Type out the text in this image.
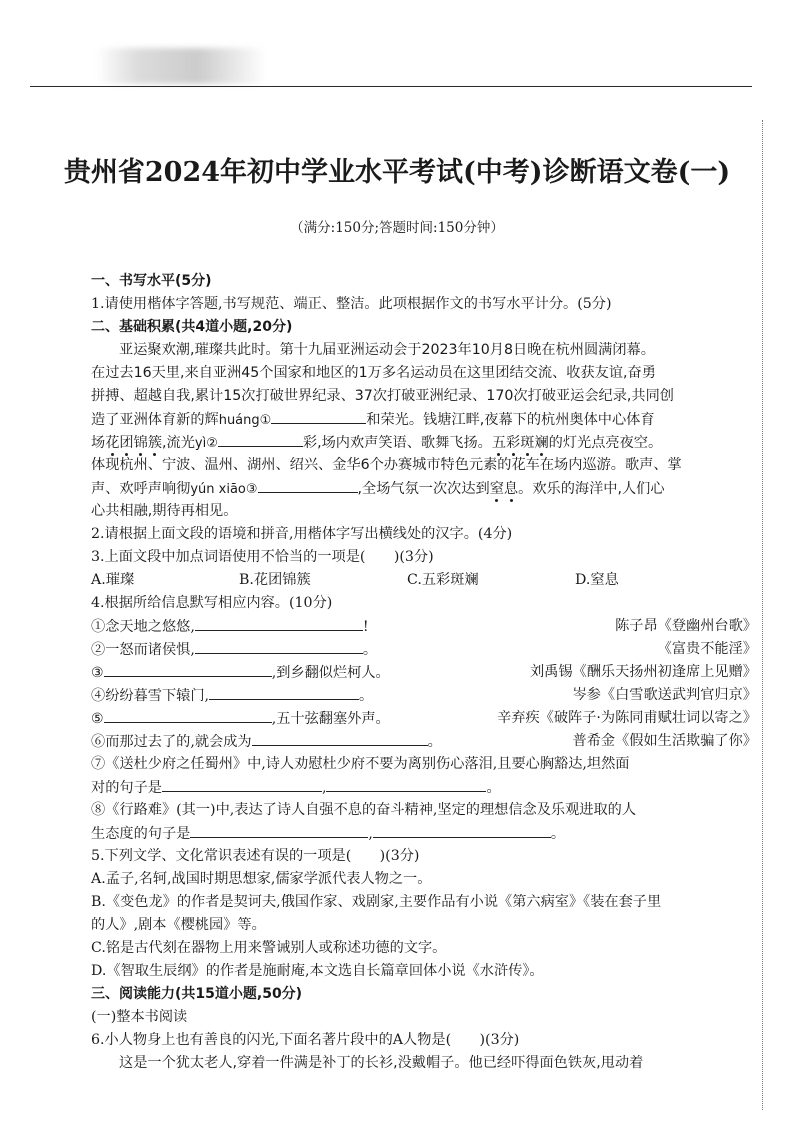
贵州省2024年初中学业水平考试(中考)诊断语文卷(一)
（满分:150分;答题时间:150分钟）
一、书写水平(5分)
1.请使用楷体字答题,书写规范、端正、整洁。此项根据作文的书写水平计分。(5分)
二、基础积累(共4道小题,20分)
亚运聚欢潮,璀璨共此时。第十九届亚洲运动会于2023年10月8日晚在杭州圆满闭幕。
在过去16天里,来自亚洲45个国家和地区的1万多名运动员在这里团结交流、收获友谊,奋勇
拼搏、超越自我,累计15次打破世界纪录、37次打破亚洲纪录、170次打破亚运会纪录,共同创
造了亚洲体育新的辉huáng①	和荣光。钱塘江畔,夜幕下的杭州奥体中心体育
场花团锦簇,流光yì②	彩,场内欢声笑语、歌舞飞扬。五彩斑斓的灯光点亮夜空。
体现杭州、宁波、温州、湖州、绍兴、金华6个办赛城市特色元素的花车在场内巡游。歌声、掌
声、欢呼声响彻yún xiāo③	,全场气氛一次次达到窒息。欢乐的海洋中,人们心
心共相融,期待再相见。
2.请根据上面文段的语境和拼音,用楷体字写出横线处的汉字。(4分)
3.上面文段中加点词语使用不恰当的一项是(　　)(3分)
A.璀璨	B.花团锦簇	C.五彩斑斓	D.窒息
4.根据所给信息默写相应内容。(10分)
①念天地之悠悠,	!	陈子昂《登幽州台歌》
②一怒而诸侯惧,	。	《富贵不能淫》
③	,到乡翻似烂柯人。	刘禹锡《酬乐天扬州初逢席上见赠》
④纷纷暮雪下辕门,	。	岑参《白雪歌送武判官归京》
⑤	,五十弦翻塞外声。	辛弃疾《破阵子·为陈同甫赋壮词以寄之》
⑥而那过去了的,就会成为	。	普希金《假如生活欺骗了你》
⑦《送杜少府之任蜀州》中,诗人劝慰杜少府不要为离别伤心落泪,且要心胸豁达,坦然面
对的句子是	,	。
⑧《行路难》(其一)中,表达了诗人自强不息的奋斗精神,坚定的理想信念及乐观进取的人
生态度的句子是	,	。
5.下列文学、文化常识表述有误的一项是(　　)(3分)
A.孟子,名轲,战国时期思想家,儒家学派代表人物之一。
B.《变色龙》的作者是契诃夫,俄国作家、戏剧家,主要作品有小说《第六病室》《装在套子里
的人》,剧本《樱桃园》等。
C.铭是古代刻在器物上用来警诫别人或称述功德的文字。
D.《智取生辰纲》的作者是施耐庵,本文选自长篇章回体小说《水浒传》。
三、阅读能力(共15道小题,50分)
(一)整本书阅读
6.小人物身上也有善良的闪光,下面名著片段中的A人物是(　　)(3分)
这是一个犹太老人,穿着一件满是补丁的长衫,没戴帽子。他已经吓得面色铁灰,甩动着
